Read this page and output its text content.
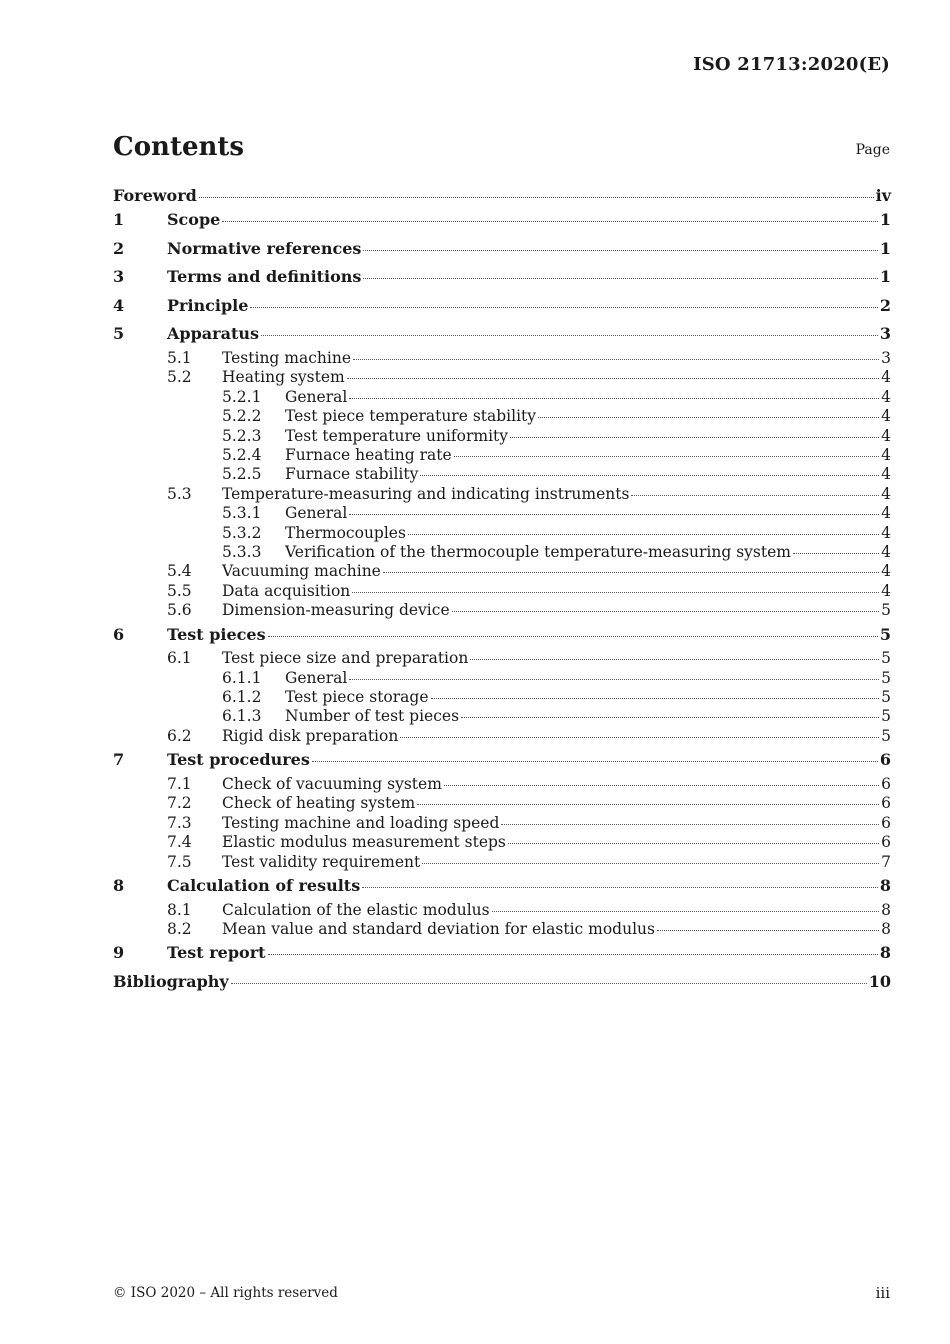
ISO 21713:2020(E)
Contents	Page
Foreword	iv
1	Scope	1
2	Normative references	1
3	Terms and definitions	1
4	Principle	2
5	Apparatus	3
5.1	Testing machine	3
5.2	Heating system	4
5.2.1	General	4
5.2.2	Test piece temperature stability	4
5.2.3	Test temperature uniformity	4
5.2.4	Furnace heating rate	4
5.2.5	Furnace stability	4
5.3	Temperature-measuring and indicating instruments	4
5.3.1	General	4
5.3.2	Thermocouples	4
5.3.3	Verification of the thermocouple temperature-measuring system	4
5.4	Vacuuming machine	4
5.5	Data acquisition	4
5.6	Dimension-measuring device	5
6	Test pieces	5
6.1	Test piece size and preparation	5
6.1.1	General	5
6.1.2	Test piece storage	5
6.1.3	Number of test pieces	5
6.2	Rigid disk preparation	5
7	Test procedures	6
7.1	Check of vacuuming system	6
7.2	Check of heating system	6
7.3	Testing machine and loading speed	6
7.4	Elastic modulus measurement steps	6
7.5	Test validity requirement	7
8	Calculation of results	8
8.1	Calculation of the elastic modulus	8
8.2	Mean value and standard deviation for elastic modulus	8
9	Test report	8
Bibliography	10
© ISO 2020 – All rights reserved	iii
